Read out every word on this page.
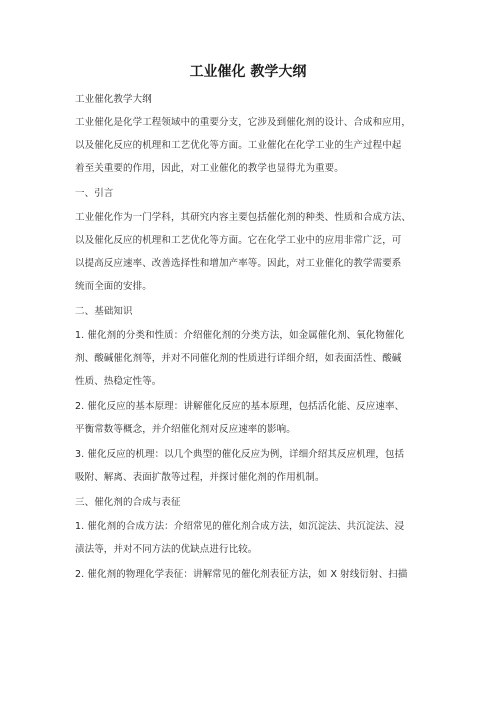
工业催化 教学大纲
工业催化教学大纲
工业催化是化学工程领域中的重要分支，它涉及到催化剂的设计、合成和应用，
以及催化反应的机理和工艺优化等方面。工业催化在化学工业的生产过程中起
着至关重要的作用，因此，对工业催化的教学也显得尤为重要。
一、引言
工业催化作为一门学科，其研究内容主要包括催化剂的种类、性质和合成方法、
以及催化反应的机理和工艺优化等方面。它在化学工业中的应用非常广泛，可
以提高反应速率、改善选择性和增加产率等。因此，对工业催化的教学需要系
统而全面的安排。
二、基础知识
1. 催化剂的分类和性质：介绍催化剂的分类方法，如金属催化剂、氧化物催化
剂、酸碱催化剂等，并对不同催化剂的性质进行详细介绍，如表面活性、酸碱
性质、热稳定性等。
2. 催化反应的基本原理：讲解催化反应的基本原理，包括活化能、反应速率、
平衡常数等概念，并介绍催化剂对反应速率的影响。
3. 催化反应的机理：以几个典型的催化反应为例，详细介绍其反应机理，包括
吸附、解离、表面扩散等过程，并探讨催化剂的作用机制。
三、催化剂的合成与表征
1. 催化剂的合成方法：介绍常见的催化剂合成方法，如沉淀法、共沉淀法、浸
渍法等，并对不同方法的优缺点进行比较。
2. 催化剂的物理化学表征：讲解常见的催化剂表征方法，如 X 射线衍射、扫描
